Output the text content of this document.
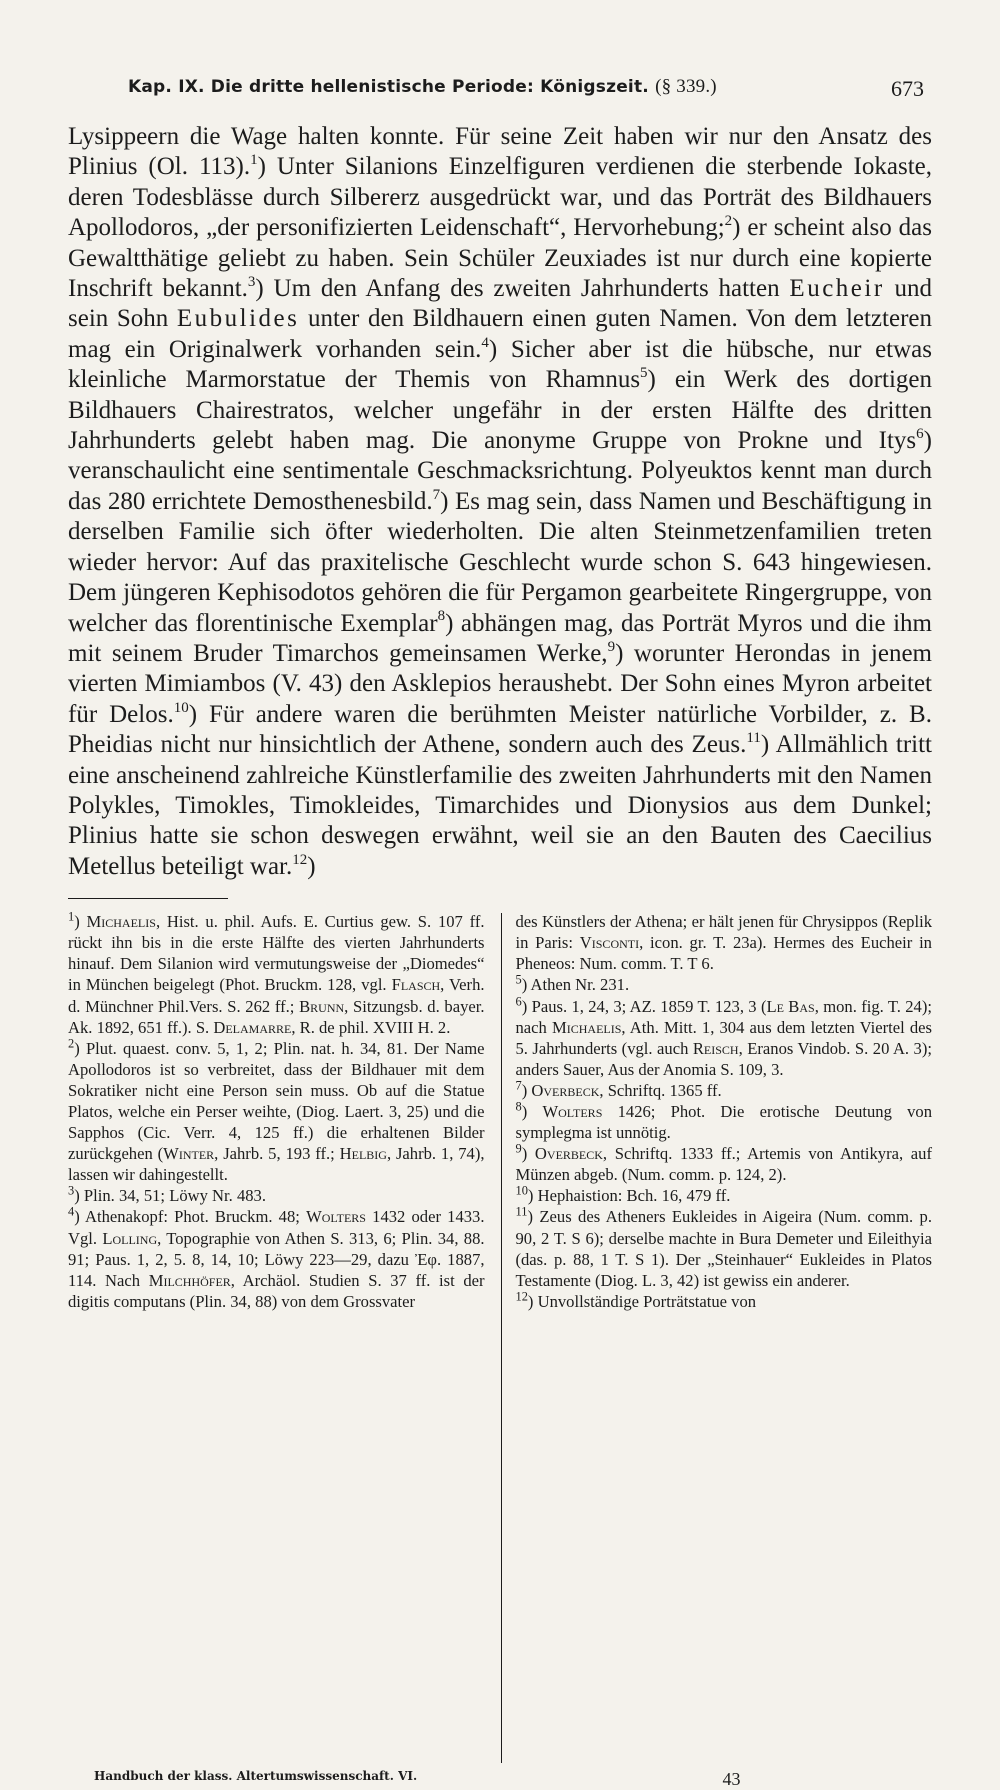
Kap. IX. Die dritte hellenistische Periode: Königszeit. (§ 339.)	673

Lysippeern die Wage halten konnte. Für seine Zeit haben wir nur den Ansatz des Plinius (Ol. 113).$^1$) Unter Silanions Einzelfiguren verdienen die sterbende Iokaste, deren Todesblässe durch Silbererz ausgedrückt war, und das Porträt des Bildhauers Apollodoros, „der personifizierten Leidenschaft“, Hervorhebung;$^2$) er scheint also das Gewaltthätige geliebt zu haben. Sein Schüler Zeuxiades ist nur durch eine kopierte Inschrift bekannt.$^3$) Um den Anfang des zweiten Jahrhunderts hatten Eucheir und sein Sohn Eubulides unter den Bildhauern einen guten Namen. Von dem letzteren mag ein Originalwerk vorhanden sein.$^4$) Sicher aber ist die hübsche, nur etwas kleinliche Marmorstatue der Themis von Rhamnus$^5$) ein Werk des dortigen Bildhauers Chairestratos, welcher ungefähr in der ersten Hälfte des dritten Jahrhunderts gelebt haben mag. Die anonyme Gruppe von Prokne und Itys$^6$) veranschaulicht eine sentimentale Geschmacksrichtung. Polyeuktos kennt man durch das 280 errichtete Demosthenesbild.$^7$) Es mag sein, dass Namen und Beschäftigung in derselben Familie sich öfter wiederholten. Die alten Steinmetzenfamilien treten wieder hervor: Auf das praxitelische Geschlecht wurde schon S. 643 hingewiesen. Dem jüngeren Kephisodotos gehören die für Pergamon gearbeitete Ringergruppe, von welcher das florentinische Exemplar$^8$) abhängen mag, das Porträt Myros und die ihm mit seinem Bruder Timarchos gemeinsamen Werke,$^9$) worunter Herondas in jenem vierten Mimiambos (V. 43) den Asklepios heraushebt. Der Sohn eines Myron arbeitet für Delos.$^{10}$) Für andere waren die berühmten Meister natürliche Vorbilder, z. B. Pheidias nicht nur hinsichtlich der Athene, sondern auch des Zeus.$^{11}$) Allmählich tritt eine anscheinend zahlreiche Künstlerfamilie des zweiten Jahrhunderts mit den Namen Polykles, Timokles, Timokleides, Timarchides und Dionysios aus dem Dunkel; Plinius hatte sie schon deswegen erwähnt, weil sie an den Bauten des Caecilius Metellus beteiligt war.$^{12}$)

$^1$) Michaelis, Hist. u. phil. Aufs. E. Curtius gew. S. 107 ff. rückt ihn bis in die erste Hälfte des vierten Jahrhunderts hinauf. Dem Silanion wird vermutungsweise der „Diomedes“ in München beigelegt (Phot. Bruckm. 128, vgl. Flasch, Verh. d. Münchner Phil.Vers. S. 262 ff.; Brunn, Sitzungsb. d. bayer. Ak. 1892, 651 ff.). S. Delamarre, R. de phil. XVIII H. 2.

$^2$) Plut. quaest. conv. 5, 1, 2; Plin. nat. h. 34, 81. Der Name Apollodoros ist so verbreitet, dass der Bildhauer mit dem Sokratiker nicht eine Person sein muss. Ob auf die Statue Platos, welche ein Perser weihte, (Diog. Laert. 3, 25) und die Sapphos (Cic. Verr. 4, 125 ff.) die erhaltenen Bilder zurückgehen (Winter, Jahrb. 5, 193 ff.; Helbig, Jahrb. 1, 74), lassen wir dahingestellt.

$^3$) Plin. 34, 51; Löwy Nr. 483.

$^4$) Athenakopf: Phot. Bruckm. 48; Wolters 1432 oder 1433. Vgl. Lolling, Topographie von Athen S. 313, 6; Plin. 34, 88. 91; Paus. 1, 2, 5. 8, 14, 10; Löwy 223—29, dazu Ἐφ. 1887, 114. Nach Milchhöfer, Archäol. Studien S. 37 ff. ist der digitis computans (Plin. 34, 88) von dem Grossvater

des Künstlers der Athena; er hält jenen für Chrysippos (Replik in Paris: Visconti, icon. gr. T. 23a). Hermes des Eucheir in Pheneos: Num. comm. T. T 6.

$^5$) Athen Nr. 231.

$^6$) Paus. 1, 24, 3; AZ. 1859 T. 123, 3 (Le Bas, mon. fig. T. 24); nach Michaelis, Ath. Mitt. 1, 304 aus dem letzten Viertel des 5. Jahrhunderts (vgl. auch Reisch, Eranos Vindob. S. 20 A. 3); anders Sauer, Aus der Anomia S. 109, 3.

$^7$) Overbeck, Schriftq. 1365 ff.

$^8$) Wolters 1426; Phot. Die erotische Deutung von symplegma ist unnötig.

$^9$) Overbeck, Schriftq. 1333 ff.; Artemis von Antikyra, auf Münzen abgeb. (Num. comm. p. 124, 2).

$^{10}$) Hephaistion: Bch. 16, 479 ff.

$^{11}$) Zeus des Atheners Eukleides in Aigeira (Num. comm. p. 90, 2 T. S 6); derselbe machte in Bura Demeter und Eileithyia (das. p. 88, 1 T. S 1). Der „Steinhauer“ Eukleides in Platos Testamente (Diog. L. 3, 42) ist gewiss ein anderer.

$^{12}$) Unvollständige Porträtstatue von

Handbuch der klass. Altertumswissenschaft. VI.	43
